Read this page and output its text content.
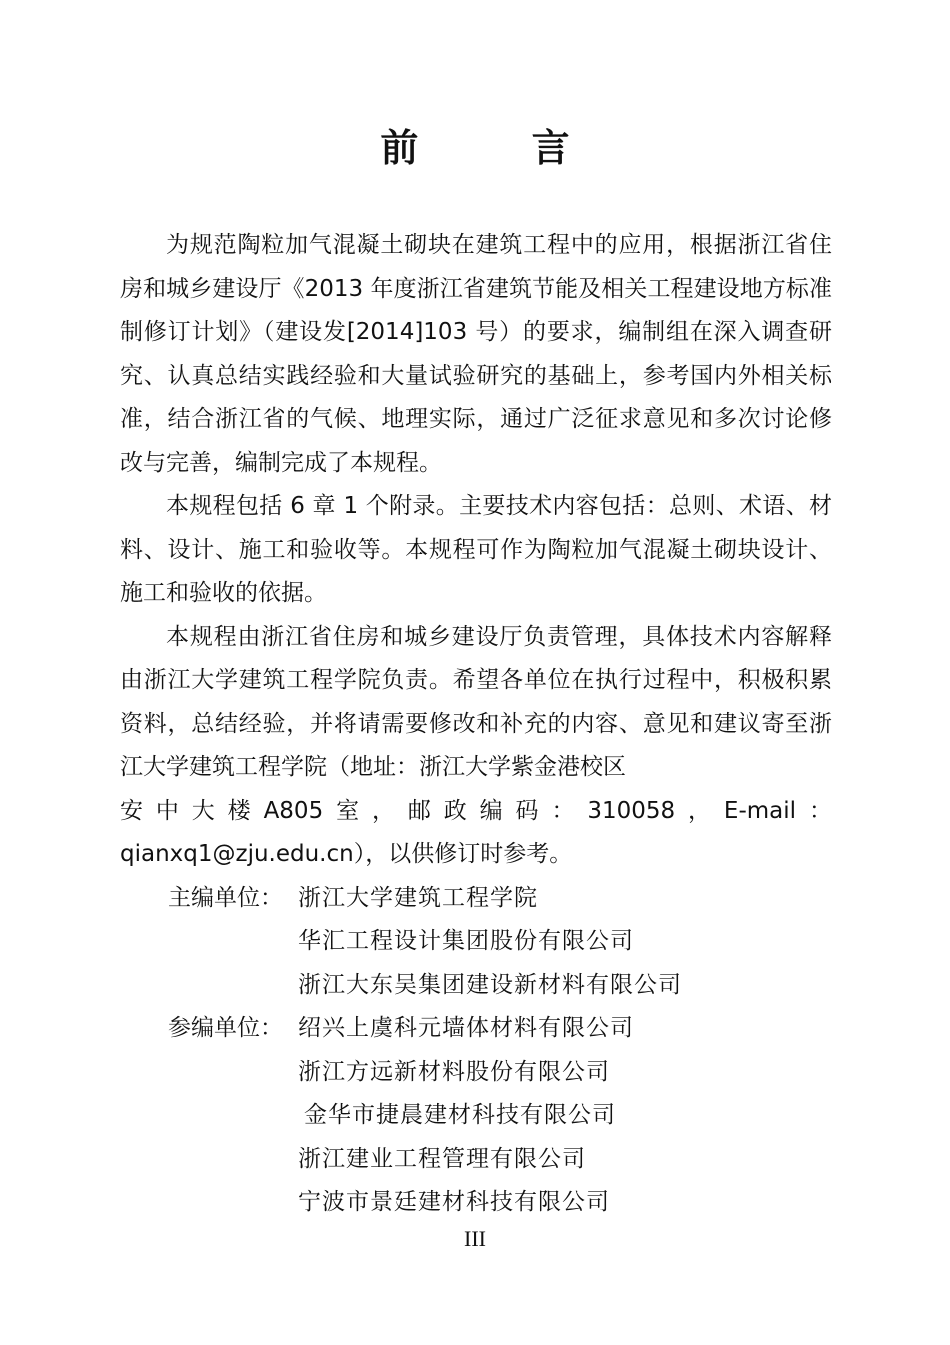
前 言

为规范陶粒加气混凝土砌块在建筑工程中的应用，根据浙江省住房和城乡建设厅《2013 年度浙江省建筑节能及相关工程建设地方标准制修订计划》（建设发[2014]103 号）的要求，编制组在深入调查研究、认真总结实践经验和大量试验研究的基础上，参考国内外相关标准，结合浙江省的气候、地理实际，通过广泛征求意见和多次讨论修改与完善，编制完成了本规程。

本规程包括 6 章 1 个附录。主要技术内容包括：总则、术语、材料、设计、施工和验收等。本规程可作为陶粒加气混凝土砌块设计、施工和验收的依据。

本规程由浙江省住房和城乡建设厅负责管理，具体技术内容解释由浙江大学建筑工程学院负责。希望各单位在执行过程中，积极积累资料，总结经验，并将请需要修改和补充的内容、意见和建议寄至浙江大学建筑工程学院（地址：浙江大学紫金港校区

安 中 大 楼 A805 室 ， 邮 政 编 码 ： 310058 ， E-mail ：

qianxq1@zju.edu.cn），以供修订时参考。

主编单位： 浙江大学建筑工程学院
华汇工程设计集团股份有限公司
浙江大东吴集团建设新材料有限公司
参编单位： 绍兴上虞科元墙体材料有限公司
浙江方远新材料股份有限公司
金华市捷晨建材科技有限公司
浙江建业工程管理有限公司
宁波市景廷建材科技有限公司
III
